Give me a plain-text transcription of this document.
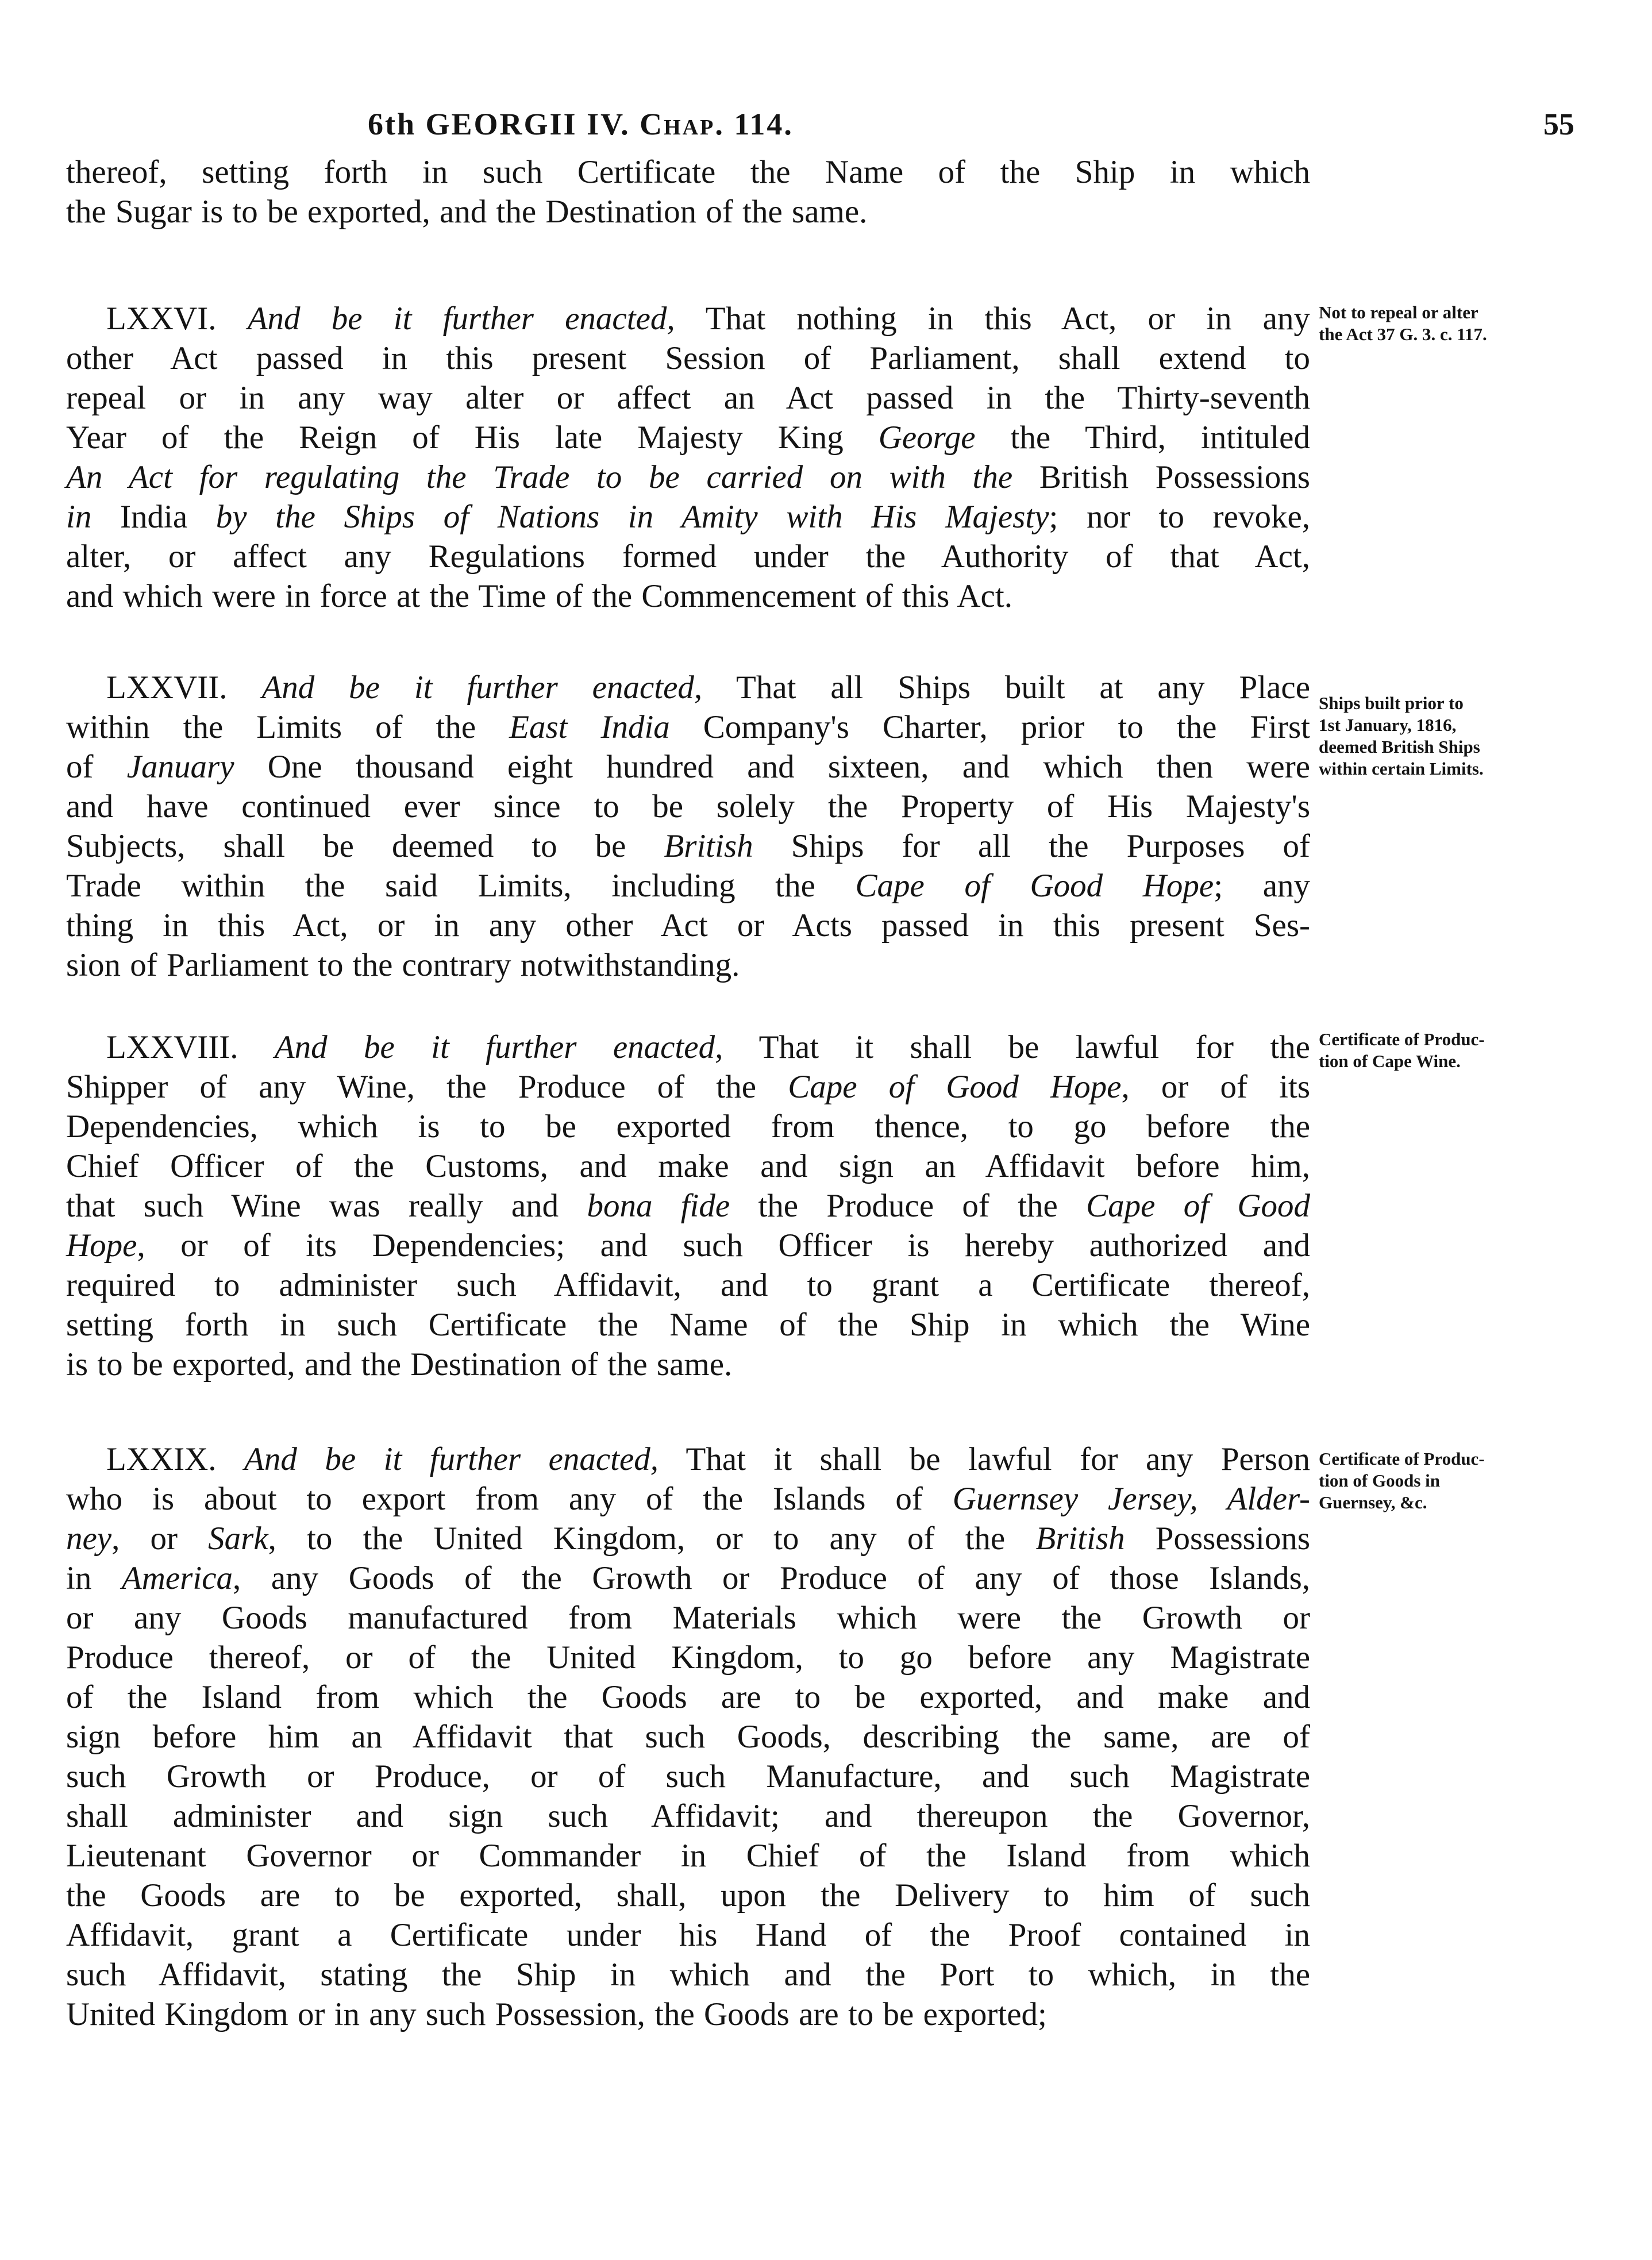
6th GEORGII IV. Chap. 114.	55
thereof, setting forth in such Certificate the Name of the Ship in which
the Sugar is to be exported, and the Destination of the same.
LXXVI. And be it further enacted, That nothing in this Act, or in any
other Act passed in this present Session of Parliament, shall extend to
repeal or in any way alter or affect an Act passed in the Thirty-seventh
Year of the Reign of His late Majesty King George the Third, intituled
An Act for regulating the Trade to be carried on with the British Possessions
in India by the Ships of Nations in Amity with His Majesty; nor to revoke,
alter, or affect any Regulations formed under the Authority of that Act,
and which were in force at the Time of the Commencement of this Act.
Not to repeal or alter
the Act 37 G. 3. c. 117.
LXXVII. And be it further enacted, That all Ships built at any Place
within the Limits of the East India Company's Charter, prior to the First
of January One thousand eight hundred and sixteen, and which then were
and have continued ever since to be solely the Property of His Majesty's
Subjects, shall be deemed to be British Ships for all the Purposes of
Trade within the said Limits, including the Cape of Good Hope; any
thing in this Act, or in any other Act or Acts passed in this present Ses-
sion of Parliament to the contrary notwithstanding.
Ships built prior to
1st January, 1816,
deemed British Ships
within certain Limits.
LXXVIII. And be it further enacted, That it shall be lawful for the
Shipper of any Wine, the Produce of the Cape of Good Hope, or of its
Dependencies, which is to be exported from thence, to go before the
Chief Officer of the Customs, and make and sign an Affidavit before him,
that such Wine was really and bona fide the Produce of the Cape of Good
Hope, or of its Dependencies; and such Officer is hereby authorized and
required to administer such Affidavit, and to grant a Certificate thereof,
setting forth in such Certificate the Name of the Ship in which the Wine
is to be exported, and the Destination of the same.
Certificate of Produc-
tion of Cape Wine.
LXXIX. And be it further enacted, That it shall be lawful for any Person
who is about to export from any of the Islands of Guernsey Jersey, Alder-
ney, or Sark, to the United Kingdom, or to any of the British Possessions
in America, any Goods of the Growth or Produce of any of those Islands,
or any Goods manufactured from Materials which were the Growth or
Produce thereof, or of the United Kingdom, to go before any Magistrate
of the Island from which the Goods are to be exported, and make and
sign before him an Affidavit that such Goods, describing the same, are of
such Growth or Produce, or of such Manufacture, and such Magistrate
shall administer and sign such Affidavit; and thereupon the Governor,
Lieutenant Governor or Commander in Chief of the Island from which
the Goods are to be exported, shall, upon the Delivery to him of such
Affidavit, grant a Certificate under his Hand of the Proof contained in
such Affidavit, stating the Ship in which and the Port to which, in the
United Kingdom or in any such Possession, the Goods are to be exported;
Certificate of Produc-
tion of Goods in
Guernsey, &c.
